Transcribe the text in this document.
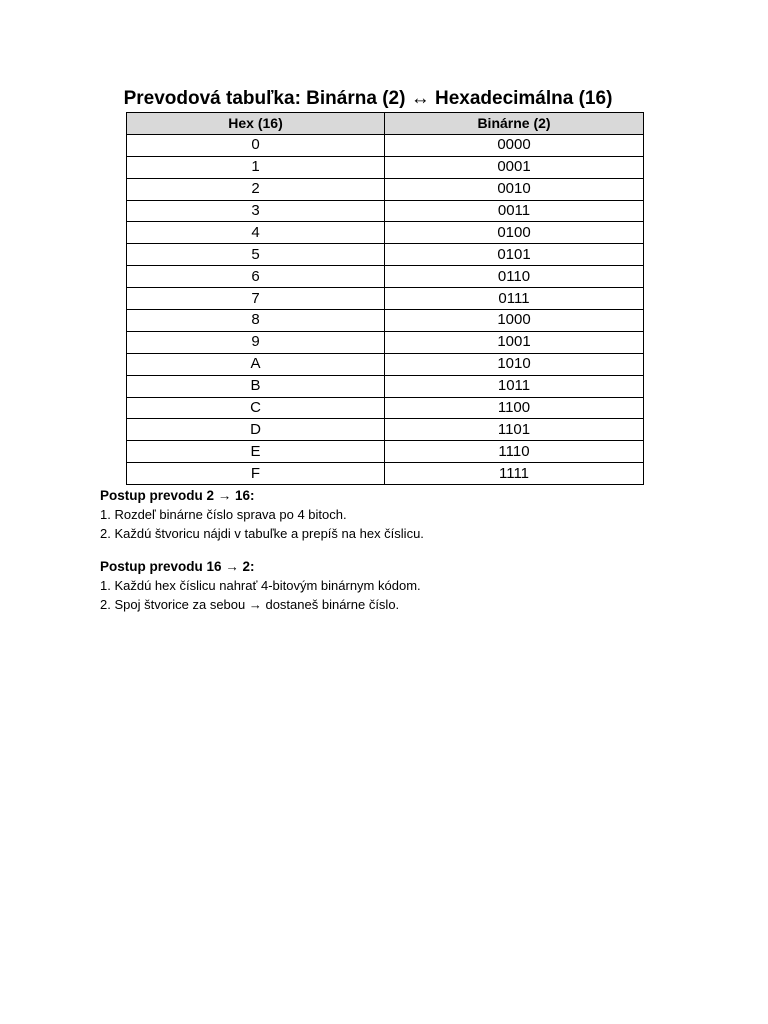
Prevodová tabuľka: Binárna (2) ↔ Hexadecimálna (16)
Hex (16)	Binárne (2)
0	0000
1	0001
2	0010
3	0011
4	0100
5	0101
6	0110
7	0111
8	1000
9	1001
A	1010
B	1011
C	1100
D	1101
E	1110
F	1111

Postup prevodu 2 → 16:

1. Rozdeľ binárne číslo sprava po 4 bitoch.
2. Každú štvoricu nájdi v tabuľke a prepíš na hex číslicu.

Postup prevodu 16 → 2:

1. Každú hex číslicu nahrať 4-bitovým binárnym kódom.
2. Spoj štvorice za sebou → dostaneš binárne číslo.
